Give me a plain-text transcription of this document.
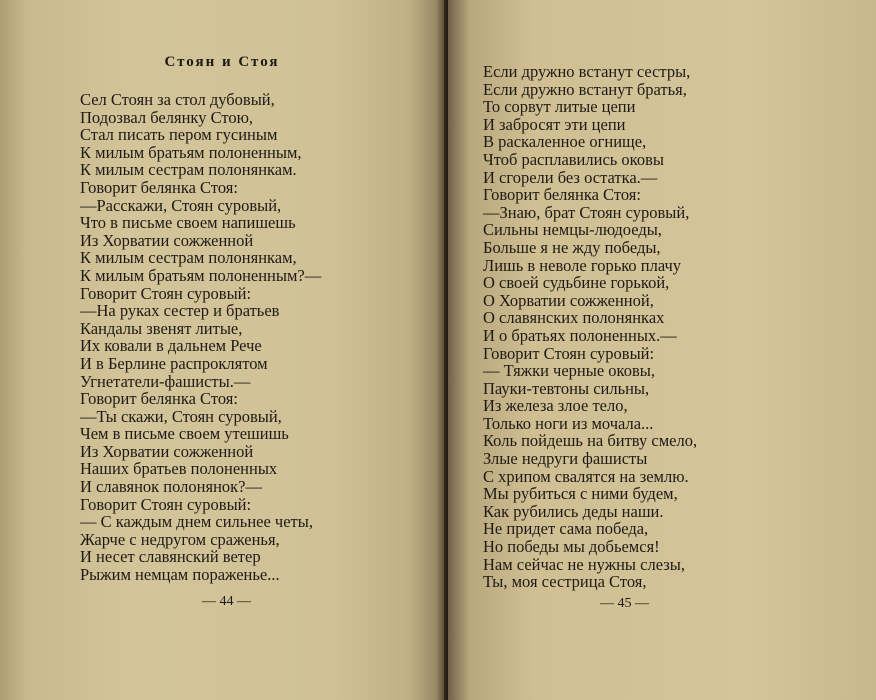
Стоян и Стоя
Сел Стоян за стол дубовый,
Подозвал белянку Стою,
Стал писать пером гусиным
К милым братьям полоненным,
К милым сестрам полонянкам.
Говорит белянка Стоя:
—Расскажи, Стоян суровый,
Что в письме своем напишешь
Из Хорватии сожженной
К милым сестрам полонянкам,
К милым братьям полоненным?—
Говорит Стоян суровый:
—На руках сестер и братьев
Кандалы звенят литые,
Их ковали в дальнем Рече
И в Берлине распроклятом
Угнетатели-фашисты.—
Говорит белянка Стоя:
—Ты скажи, Стоян суровый,
Чем в письме своем утешишь
Из Хорватии сожженной
Наших братьев полоненных
И славянок полонянок?—
Говорит Стоян суровый:
— С каждым днем сильнее четы,
Жарче с недругом сраженья,
И несет славянский ветер
Рыжим немцам пораженье...
— 44 —
Если дружно встанут сестры,
Если дружно встанут братья,
То сорвут литые цепи
И забросят эти цепи
В раскаленное огнище,
Чтоб расплавились оковы
И сгорели без остатка.—
Говорит белянка Стоя:
—Знаю, брат Стоян суровый,
Сильны немцы-людоеды,
Больше я не жду победы,
Лишь в неволе горько плачу
О своей судьбине горькой,
О Хорватии сожженной,
О славянских полонянках
И о братьях полоненных.—
Говорит Стоян суровый:
— Тяжки черные оковы,
Пауки-тевтоны сильны,
Из железа злое тело,
Только ноги из мочала...
Коль пойдешь на битву смело,
Злые недруги фашисты
С хрипом свалятся на землю.
Мы рубиться с ними будем,
Как рубились деды наши.
Не придет сама победа,
Но победы мы добьемся!
Нам сейчас не нужны слезы,
Ты, моя сестрица Стоя,
— 45 —
